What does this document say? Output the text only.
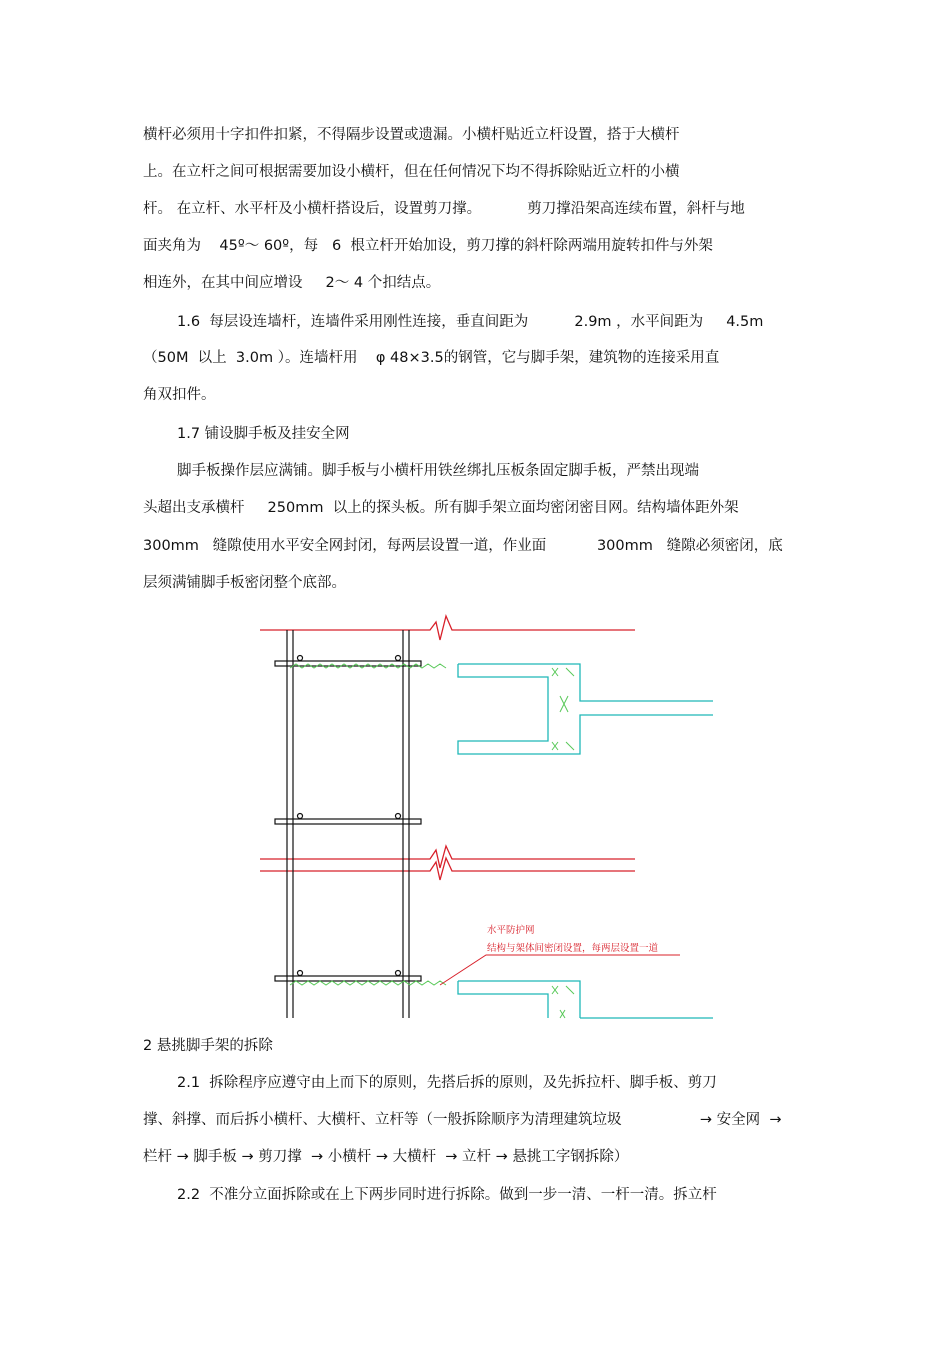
横杆必须用十字扣件扣紧，不得隔步设置或遗漏。小横杆贴近立杆设置，搭于大横杆
上。在立杆之间可根据需要加设小横杆，但在任何情况下均不得拆除贴近立杆的小横
杆。 在立杆、水平杆及小横杆搭设后，设置剪刀撑。          剪刀撑沿架高连续布置，斜杆与地
面夹角为    45º～ 60º，每   6  根立杆开始加设，剪刀撑的斜杆除两端用旋转扣件与外架
相连外，在其中间应增设     2～ 4 个扣结点。
1.6  每层设连墙杆，连墙件采用刚性连接，垂直间距为          2.9m ，水平间距为     4.5m
（50M  以上  3.0m ）。连墙杆用    φ 48×3.5的钢管，它与脚手架，建筑物的连接采用直
角双扣件。
1.7 铺设脚手板及挂安全网
脚手板操作层应满铺。脚手板与小横杆用铁丝绑扎压板条固定脚手板，严禁出现端
头超出支承横杆     250mm  以上的探头板。所有脚手架立面均密闭密目网。结构墙体距外架
300mm   缝隙使用水平安全网封闭，每两层设置一道，作业面           300mm   缝隙必须密闭，底
层须满铺脚手板密闭整个底部。
水平防护网
结构与架体间密闭设置，每两层设置一道
2 悬挑脚手架的拆除
2.1  拆除程序应遵守由上而下的原则，先搭后拆的原则，及先拆拉杆、脚手板、剪刀
撑、斜撑、而后拆小横杆、大横杆、立杆等（一般拆除顺序为清理建筑垃圾                 → 安全网  →
栏杆 → 脚手板 → 剪刀撑  → 小横杆 → 大横杆  → 立杆 → 悬挑工字钢拆除）
2.2  不准分立面拆除或在上下两步同时进行拆除。做到一步一清、一杆一清。拆立杆
